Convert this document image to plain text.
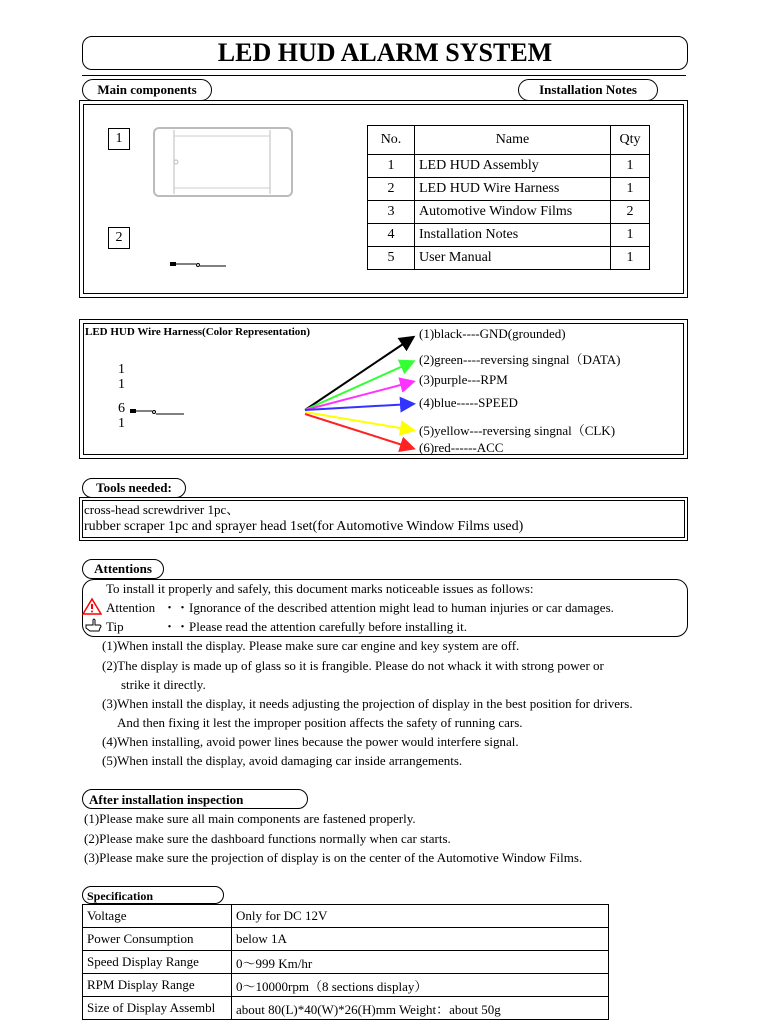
LED HUD ALARM SYSTEM
Main components	Installation Notes
1
2
No.	Name	Qty
1	LED HUD Assembly	1
2	LED HUD Wire Harness	1
3	Automotive Window Films	2
4	Installation Notes	1
5	User Manual	1
LED HUD Wire Harness(Color Representation)
1
1
6
1
(1)black----GND(grounded)
(2)green----reversing singnal（DATA)
(3)purple---RPM
(4)blue-----SPEED
(5)yellow---reversing singnal（CLK)
(6)red------ACC
Tools needed:
cross-head screwdriver 1pc、
rubber scraper 1pc and sprayer head 1set(for Automotive Window Films used)
Attentions
To install it properly and safely, this document marks noticeable issues as follows:
Attention ・・Ignorance of the described attention might lead to human injuries or car damages.
Tip	・・Please read the attention carefully before installing it.
(1)When install the display. Please make sure car engine and key system are off.
(2)The display is made up of glass so it is frangible. Please do not whack it with strong power or
strike it directly.
(3)When install the display, it needs adjusting the projection of display in the best position for drivers.
And then fixing it lest the improper position affects the safety of running cars.
(4)When installing, avoid power lines because the power would interfere signal.
(5)When install the display, avoid damaging car inside arrangements.
After installation inspection
(1)Please make sure all main components are fastened properly.
(2)Please make sure the dashboard functions normally when car starts.
(3)Please make sure the projection of display is on the center of the Automotive Window Films.
Specification
Voltage	Only for DC 12V
Power Consumption	below 1A
Speed Display Range	0～999 Km/hr
RPM Display Range	0～10000rpm（8 sections display）
Size of Display Assembl	about 80(L)*40(W)*26(H)mm Weight：about 50g
